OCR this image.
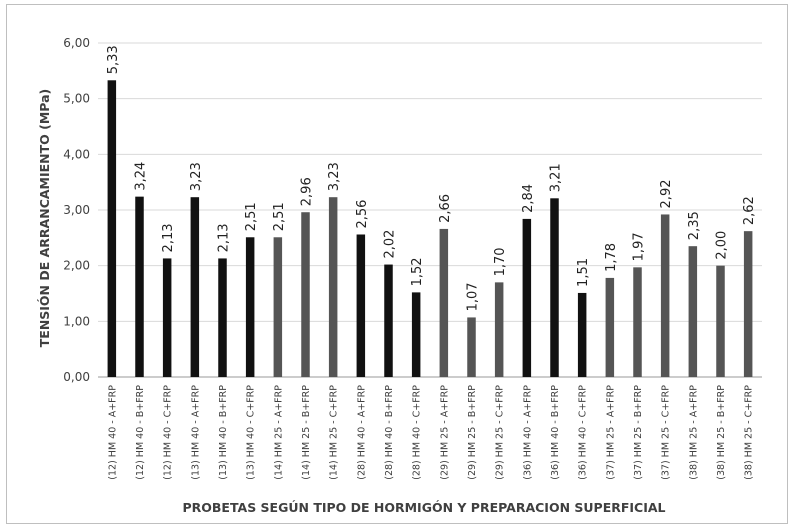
0,00
1,00
2,00
3,00
4,00
5,00
6,00
5,33
3,24
2,13
3,23
2,13
2,51 2,51
2,96
3,23
2,56
2,02
1,52
2,66
1,07
1,70
2,84
3,21
1,51
1,78 1,97
2,92
2,35
2,00
2,62
(12) HM 40 - A+FRP (12) HM 40 - B+FRP (12) HM 40 - C+FRP (13) HM 40 - A+FRP (13) HM 40 - B+FRP (13) HM 40 - C+FRP (14) HM 25 - A+FRP (14) HM 25 - B+FRP (14) HM 25 - C+FRP (28) HM 40 - A+FRP (28) HM 40 - B+FRP (28) HM 40 - C+FRP (29) HM 25 - A+FRP (29) HM 25 - B+FRP (29) HM 25 - C+FRP (36) HM 40 - A+FRP (36) HM 40 - B+FRP (36) HM 40 - C+FRP (37) HM 25 - A+FRP (37) HM 25 - B+FRP (37) HM 25 - C+FRP (38) HM 25 - A+FRP (38) HM 25 - B+FRP (38) HM 25 - C+FRP
TENSIÓN DE ARRANCAMIENTO (MPa)
PROBETAS SEGÚN TIPO DE HORMIGÓN Y PREPARACION SUPERFICIAL
